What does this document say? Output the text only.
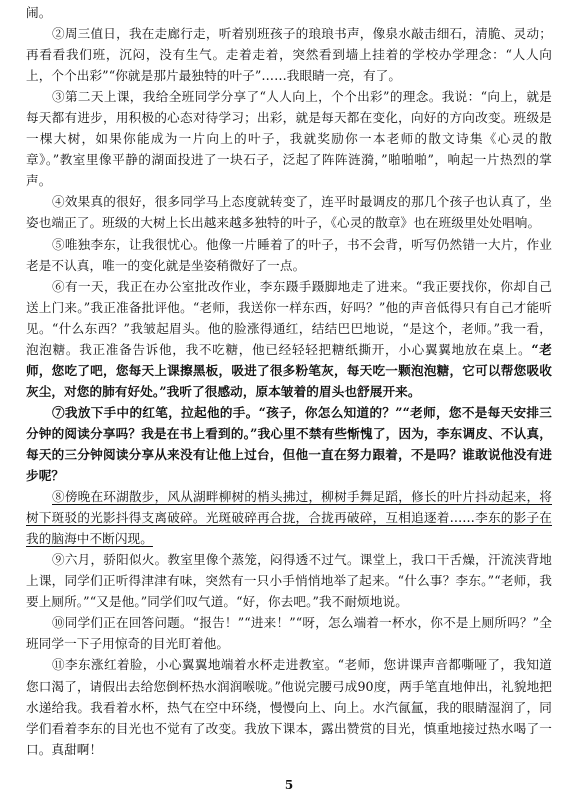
闹。

②周三值日，我在走廊行走，听着别班孩子的琅琅书声，像泉水敲击细石，清脆、灵动；再看看我们班，沉闷，没有生气。走着走着，突然看到墙上挂着的学校办学理念：“人人向上，个个出彩”“你就是那片最独特的叶子”……我眼睛一亮，有了。

③第二天上课，我给全班同学分享了“人人向上，个个出彩”的理念。我说：“向上，就是每天都有进步，用积极的心态对待学习；出彩，就是每天都在变化，向好的方向改变。班级是一棵大树，如果你能成为一片向上的叶子，我就奖励你一本老师的散文诗集《心灵的散章》。”教室里像平静的湖面投进了一块石子，泛起了阵阵涟漪，”啪啪啪”，响起一片热烈的掌声。

④效果真的很好，很多同学马上态度就转变了，连平时最调皮的那几个孩子也认真了，坐姿也端正了。班级的大树上长出越来越多独特的叶子，《心灵的散章》也在班级里处处唱响。

⑤唯独李东，让我很忧心。他像一片睡着了的叶子，书不会背，听写仍然错一大片，作业老是不认真，唯一的变化就是坐姿稍微好了一点。

⑥有一天，我正在办公室批改作业，李东蹑手蹑脚地走了进来。“我正要找你，你却自己送上门来。”我正准备批评他。“老师，我送你一样东西，好吗？”他的声音低得只有自己才能听见。“什么东西？”我皱起眉头。他的脸涨得通红，结结巴巴地说，“是这个，老师。”我一看，泡泡糖。我正准备告诉他，我不吃糖，他已经轻轻把糖纸撕开，小心翼翼地放在桌上。“老师，您吃了吧，您每天上课擦黑板，吸进了很多粉笔灰，每天吃一颗泡泡糖，它可以帮您吸收灰尘，对您的肺有好处。”我听了很感动，原本皱着的眉头也舒展开来。

⑦我放下手中的红笔，拉起他的手。“孩子，你怎么知道的？”“老师，您不是每天安排三分钟的阅读分享吗？我是在书上看到的。”我心里不禁有些惭愧了，因为，李东调皮、不认真，每天的三分钟阅读分享从来没有让他上过台，但他一直在努力跟着，不是吗？谁敢说他没有进步呢？

⑧傍晚在环湖散步，风从湖畔柳树的梢头拂过，柳树手舞足蹈，修长的叶片抖动起来，将树下斑驳的光影抖得支离破碎。光斑破碎再合拢，合拢再破碎，互相追逐着……李东的影子在我的脑海中不断闪现。

⑨六月，骄阳似火。教室里像个蒸笼，闷得透不过气。课堂上，我口干舌燥，汗流浃背地上课，同学们正听得津津有味，突然有一只小手悄悄地举了起来。“什么事？李东。”“老师，我要上厕所。”“又是他。”同学们叹气道。“好，你去吧。”我不耐烦地说。

⑩同学们正在回答问题。“报告！”“进来！”“呀，怎么端着一杯水，你不是上厕所吗？”全班同学一下子用惊奇的目光盯着他。

⑪李东涨红着脸，小心翼翼地端着水杯走进教室。“老师，您讲课声音都嘶哑了，我知道您口渴了，请假出去给您倒杯热水润润喉咙。”他说完腰弓成90度，两手笔直地伸出，礼貌地把水递给我。我看着水杯，热气在空中环绕，慢慢向上、向上。水汽氤氲，我的眼睛湿润了，同学们看着李东的目光也不觉有了改变。我放下课本，露出赞赏的目光，慎重地接过热水喝了一口。真甜啊！

5
